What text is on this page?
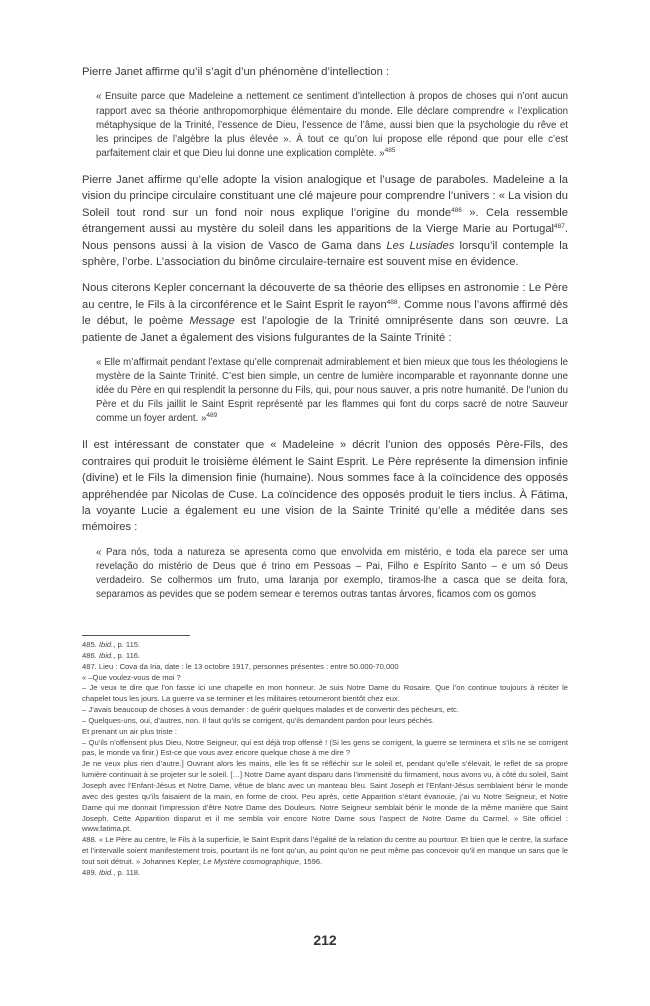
Pierre Janet affirme qu’il s’agit d’un phénomène d’intellection :

« Ensuite parce que Madeleine a nettement ce sentiment d’intellection à propos de choses qui n’ont aucun rapport avec sa théorie anthropomorphique élémentaire du monde. Elle déclare comprendre « l’explication métaphysique de la Trinité, l’essence de Dieu, l’essence de l’âme, aussi bien que la psychologie du rêve et les principes de l’algèbre la plus élevée ». À tout ce qu’on lui propose elle répond que pour elle c’est parfaitement clair et que Dieu lui donne une explication complète. »$^{485}$

Pierre Janet affirme qu’elle adopte la vision analogique et l’usage de paraboles. Madeleine a la vision du principe circulaire constituant une clé majeure pour comprendre l’univers : « La vision du Soleil tout rond sur un fond noir nous explique l’origine du monde$^{486}$ ». Cela ressemble étrangement aussi au mystère du soleil dans les apparitions de la Vierge Marie au Portugal$^{487}$. Nous pensons aussi à la vision de Vasco de Gama dans Les Lusiades lorsqu’il contemple la sphère, l’orbe. L’association du binôme circulaire-ternaire est souvent mise en évidence.

Nous citerons Kepler concernant la découverte de sa théorie des ellipses en astronomie : Le Père au centre, le Fils à la circonférence et le Saint Esprit le rayon$^{488}$. Comme nous l’avons affirmé dès le début, le poème Message est l’apologie de la Trinité omniprésente dans son œuvre. La patiente de Janet a également des visions fulgurantes de la Sainte Trinité :

« Elle m’affirmait pendant l’extase qu’elle comprenait admirablement et bien mieux que tous les théologiens le mystère de la Sainte Trinité. C’est bien simple, un centre de lumière incomparable et rayonnante donne une idée du Père en qui resplendit la personne du Fils, qui, pour nous sauver, a pris notre humanité. De l’union du Père et du Fils jaillit le Saint Esprit représenté par les flammes qui font du corps sacré de notre Sauveur comme un foyer ardent. »$^{489}$

Il est intéressant de constater que « Madeleine » décrit l’union des opposés Père-Fils, des contraires qui produit le troisième élément le Saint Esprit. Le Père représente la dimension infinie (divine) et le Fils la dimension finie (humaine). Nous sommes face à la coïncidence des opposés appréhendée par Nicolas de Cuse. La coïncidence des opposés produit le tiers inclus. À Fátima, la voyante Lucie a également eu une vision de la Sainte Trinité qu’elle a méditée dans ses mémoires :

« Para nós, toda a natureza se apresenta como que envolvida em mistério, e toda ela parece ser uma revelação do mistério de Deus que é trino em Pessoas – Pai, Filho e Espírito Santo – e um só Deus verdadeiro. Se colhermos um fruto, uma laranja por exemplo, tiramos-lhe a casca que se deita fora, separamos as pevides que se podem semear e teremos outras tantas árvores, ficamos com os gomos

485. Ibid., p. 115.

486. Ibid., p. 116.

487. Lieu : Cova da Iria, date : le 13 octobre 1917, personnes présentes : entre 50.000-70.000

« –Que voulez-vous de moi ?

– Je veux te dire que l’on fasse ici une chapelle en mon honneur. Je suis Notre Dame du Rosaire. Que l’on continue toujours à réciter le chapelet tous les jours. La guerre va se terminer et les militaires retourneront bientôt chez eux.

– J’avais beaucoup de choses à vous demander : de guérir quelques malades et de convertir des pécheurs, etc.

– Quelques-uns, oui, d’autres, non. Il faut qu’ils se corrigent, qu’ils demandent pardon pour leurs péchés.

Et prenant un air plus triste :

– Qu’ils n’offensent plus Dieu, Notre Seigneur, qui est déjà trop offensé ! (Si les gens se corrigent, la guerre se terminera et s’ils ne se corrigent pas, le monde va finir.) Est-ce que vous avez encore quelque chose à me dire ?

Je ne veux plus rien d’autre.] Ouvrant alors les mains, elle les fit se réfléchir sur le soleil et, pendant qu’elle s’élevait, le reflet de sa propre lumière continuait à se projeter sur le soleil. […] Notre Dame ayant disparu dans l’immensité du firmament, nous avons vu, à côté du soleil, Saint Joseph avec l’Enfant-Jésus et Notre Dame, vêtue de blanc avec un manteau bleu. Saint Joseph et l’Enfant-Jésus semblaient bénir le monde avec des gestes qu’ils faisaient de la main, en forme de croix. Peu après, cette Apparition s’étant évanouie, j’ai vu Notre Seigneur, et Notre Dame qui me donnait l’impression d’être Notre Dame des Douleurs. Notre Seigneur semblait bénir le monde de la même manière que Saint Joseph. Cette Apparition disparut et il me sembla voir encore Notre Dame sous l’aspect de Notre Dame du Carmel. » Site officiel : www.fatima.pt.

488. « Le Père au centre, le Fils à la superficie, le Saint Esprit dans l’égalité de la relation du centre au pourtour. Et bien que le centre, la surface et l’intervalle soient manifestement trois, pourtant ils ne font qu’un, au point qu’on ne peut même pas concevoir qu’il en manque un sans que le tout soit détruit. » Johannes Kepler, Le Mystère cosmographique, 1596.

489. Ibid., p. 118.

212
